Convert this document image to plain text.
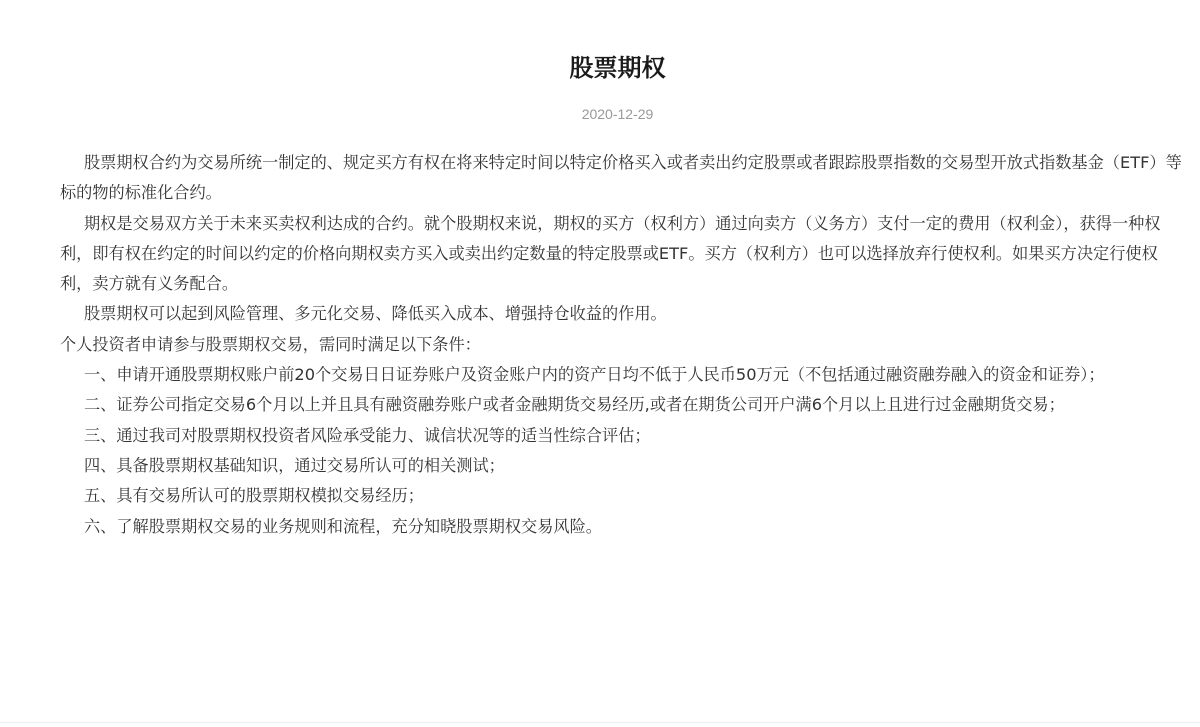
股票期权
2020-12-29

股票期权合约为交易所统一制定的、规定买方有权在将来特定时间以特定价格买入或者卖出约定股票或者跟踪股票指数的交易型开放式指数基金（ETF）等标的物的标准化合约。

期权是交易双方关于未来买卖权利达成的合约。就个股期权来说，期权的买方（权利方）通过向卖方（义务方）支付一定的费用（权利金），获得一种权利，即有权在约定的时间以约定的价格向期权卖方买入或卖出约定数量的特定股票或ETF。买方（权利方）也可以选择放弃行使权利。如果买方决定行使权利，卖方就有义务配合。

股票期权可以起到风险管理、多元化交易、降低买入成本、增强持仓收益的作用。

个人投资者申请参与股票期权交易，需同时满足以下条件：

一、申请开通股票期权账户前20个交易日日证券账户及资金账户内的资产日均不低于人民币50万元（不包括通过融资融券融入的资金和证券）；

二、证券公司指定交易6个月以上并且具有融资融券账户或者金融期货交易经历,或者在期货公司开户满6个月以上且进行过金融期货交易；

三、通过我司对股票期权投资者风险承受能力、诚信状况等的适当性综合评估；

四、具备股票期权基础知识，通过交易所认可的相关测试；

五、具有交易所认可的股票期权模拟交易经历；

六、了解股票期权交易的业务规则和流程，充分知晓股票期权交易风险。
